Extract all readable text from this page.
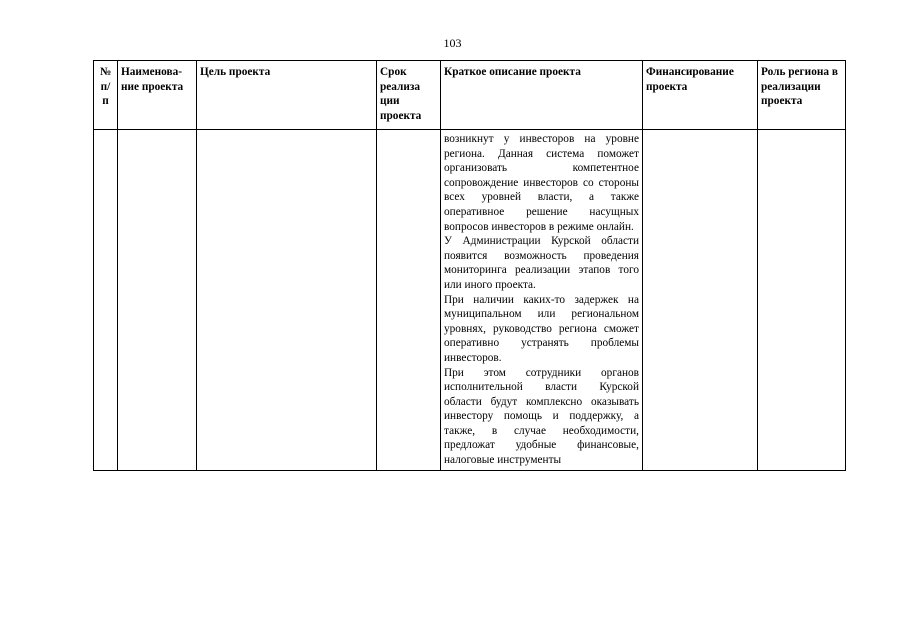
103
№ п/ п	Наименова-ние проекта	Цель проекта	Срок реализа ции проекта	Краткое описание проекта	Финансирование проекта	Роль региона в реализации проекта

				возникнут у инвесторов на уровне региона. Данная система поможет организовать компетентное сопровождение инвесторов со стороны всех уровней власти, а также оперативное решение насущных вопросов инвесторов в режиме онлайн.

У Администрации Курской области появится возможность проведения мониторинга реализации этапов того или иного проекта.

При наличии каких-то задержек на муниципальном или региональном уровнях, руководство региона сможет оперативно устранять проблемы инвесторов.

При этом сотрудники органов исполнительной власти Курской области будут комплексно оказывать инвестору помощь и поддержку, а также, в случае необходимости, предложат удобные финансовые, налоговые инструменты		
